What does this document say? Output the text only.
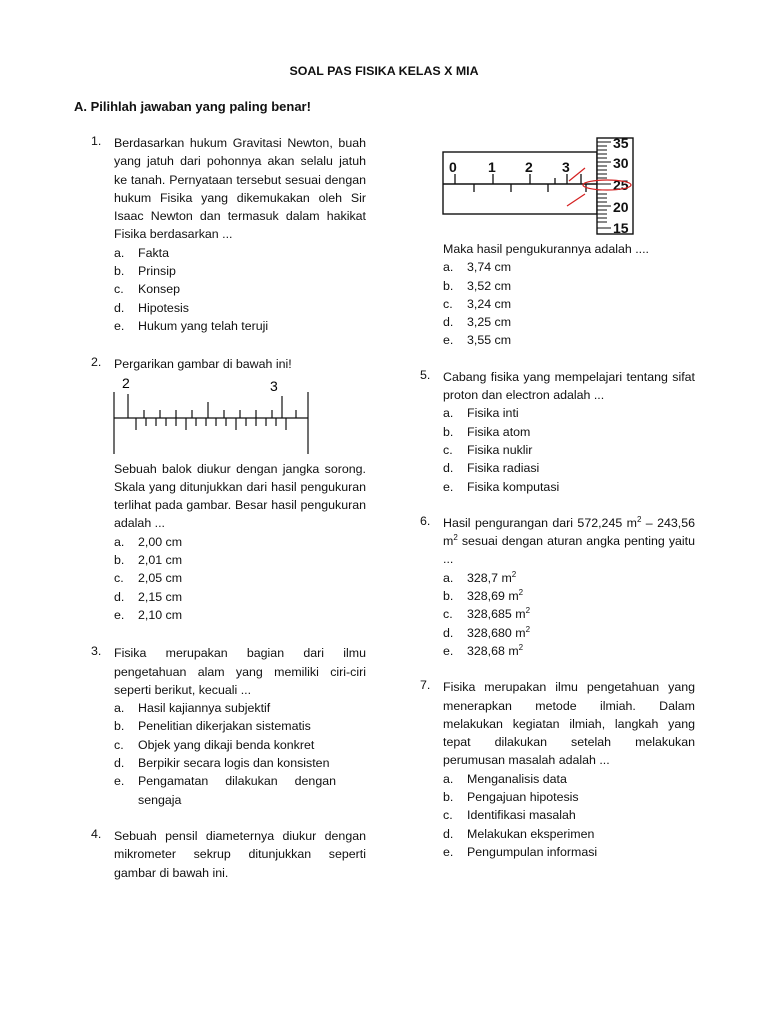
SOAL PAS FISIKA KELAS X MIA
A. Pilihlah jawaban yang paling benar!
1. Berdasarkan hukum Gravitasi Newton, buah yang jatuh dari pohonnya akan selalu jatuh ke tanah. Pernyataan tersebut sesuai dengan hukum Fisika yang dikemukakan oleh Sir Isaac Newton dan termasuk dalam hakikat Fisika berdasarkan ...
a. Fakta
b. Prinsip
c. Konsep
d. Hipotesis
e. Hukum yang telah teruji
2. Pergarikan gambar di bawah ini!
2	3
Sebuah balok diukur dengan jangka sorong. Skala yang ditunjukkan dari hasil pengukuran terlihat pada gambar. Besar hasil pengukuran adalah ...
a. 2,00 cm
b. 2,01 cm
c. 2,05 cm
d. 2,15 cm
e. 2,10 cm
3. Fisika merupakan bagian dari ilmu pengetahuan alam yang memiliki ciri-ciri seperti berikut, kecuali ...
a. Hasil kajiannya subjektif
b. Penelitian dikerjakan sistematis
c. Objek yang dikaji benda konkret
d. Berpikir secara logis dan konsisten
e. Pengamatan dilakukan dengan sengaja
4. Sebuah pensil diameternya diukur dengan mikrometer sekrup ditunjukkan seperti gambar di bawah ini.
0 1 2 3
35
30
25
20
15
Maka hasil pengukurannya adalah ....
a. 3,74 cm
b. 3,52 cm
c. 3,24 cm
d. 3,25 cm
e. 3,55 cm
5. Cabang fisika yang mempelajari tentang sifat proton dan electron adalah ...
a. Fisika inti
b. Fisika atom
c. Fisika nuklir
d. Fisika radiasi
e. Fisika komputasi
6. Hasil pengurangan dari 572,245 $m^2 - 243,56$ $m^2$ sesuai dengan aturan angka penting yaitu ...
a. 328,7 $m^2$
b. 328,69 $m^2$
c. 328,685 $m^2$
d. 328,680 $m^2$
e. 328,68 $m^2$
7. Fisika merupakan ilmu pengetahuan yang menerapkan metode ilmiah. Dalam melakukan kegiatan ilmiah, langkah yang tepat dilakukan setelah melakukan perumusan masalah adalah ...
a. Menganalisis data
b. Pengajuan hipotesis
c. Identifikasi masalah
d. Melakukan eksperimen
e. Pengumpulan informasi
